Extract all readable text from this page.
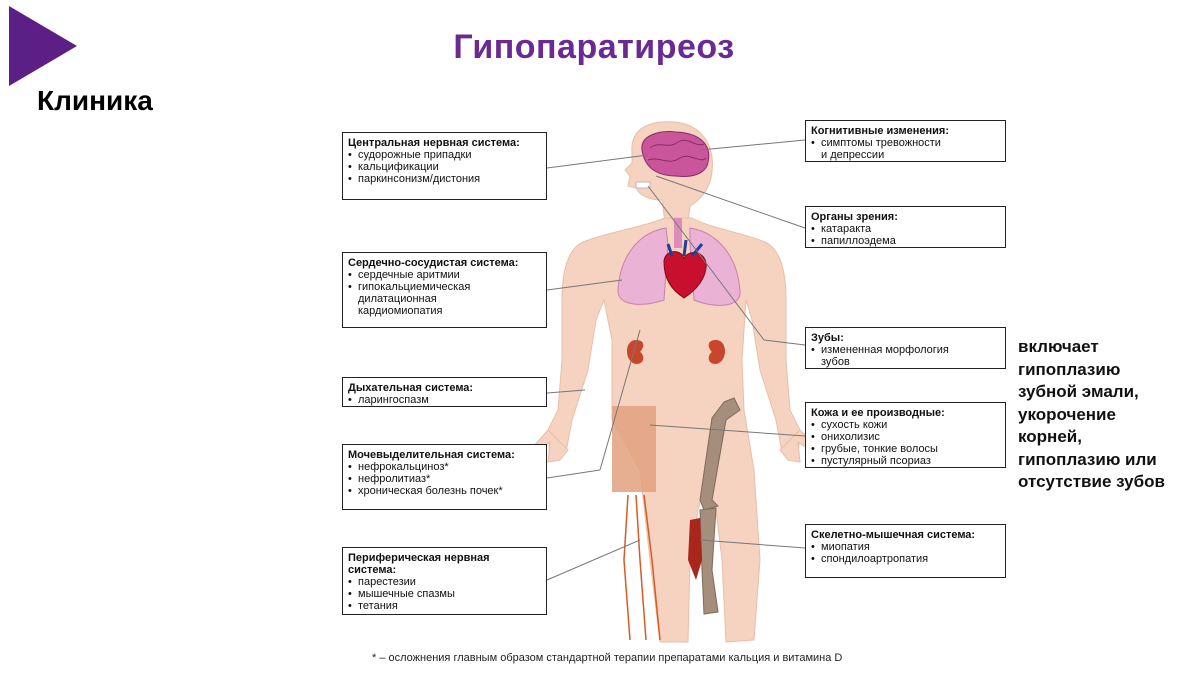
Гипопаратиреоз
Клиника
Центральная нервная система:
• судорожные припадки
• кальцификации
• паркинсонизм/дистония
Сердечно-сосудистая система:
• сердечные аритмии
• гипокальциемическая
дилатационная
кардиомиопатия
Дыхательная система:
• ларингоспазм
Мочевыделительная система:
• нефрокальциноз*
• нефролитиаз*
• хроническая болезнь почек*
Периферическая нервная система:
• парестезии
• мышечные спазмы
• тетания
Когнитивные изменения:
• симптомы тревожности
и депрессии
Органы зрения:
• катаракта
• папиллоэдема
Зубы:
• измененная морфология
зубов
Кожа и ее производные:
• сухость кожи
• онихолизис
• грубые, тонкие волосы
• пустулярный псориаз
Скелетно-мышечная система:
• миопатия
• спондилоартропатия
включает гипоплазию зубной эмали, укорочение корней, гипоплазию или отсутствие зубов
* – осложнения главным образом стандартной терапии препаратами кальция и витамина D
